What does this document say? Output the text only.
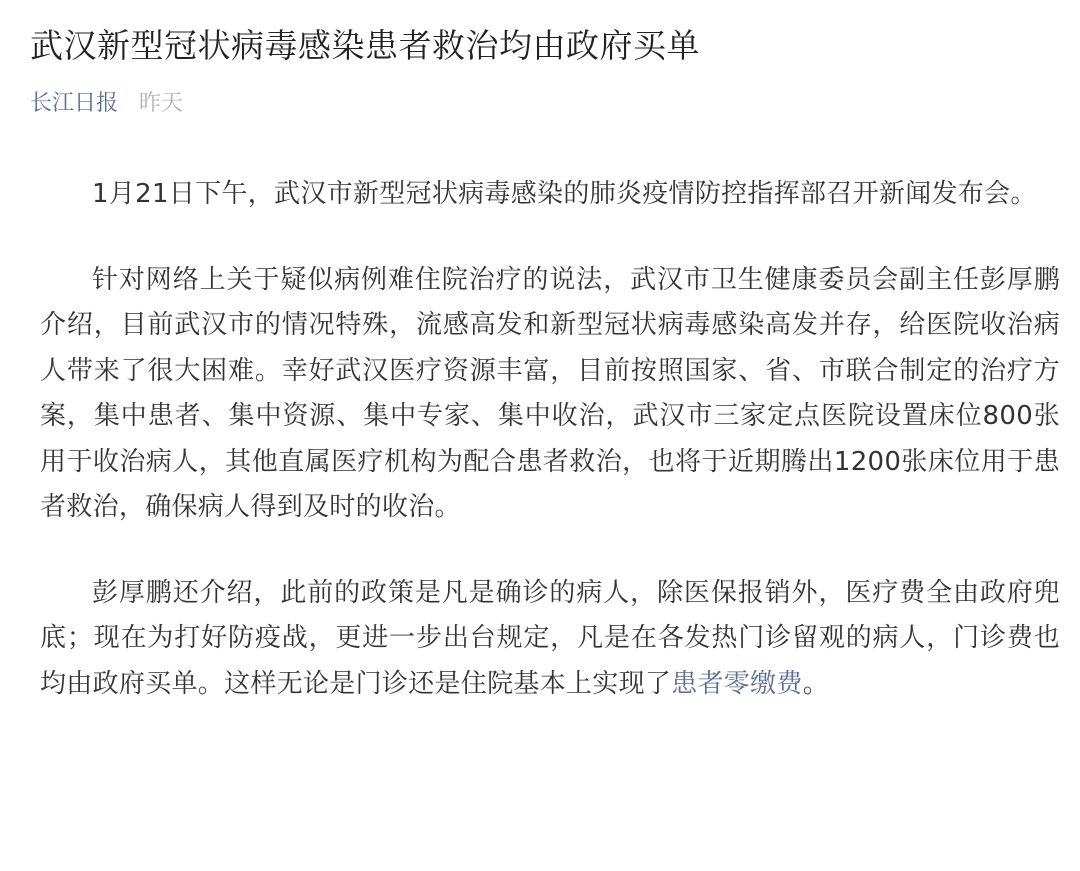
武汉新型冠状病毒感染患者救治均由政府买单
长江日报 昨天

1月21日下午，武汉市新型冠状病毒感染的肺炎疫情防控指挥部召开新闻发布会。

针对网络上关于疑似病例难住院治疗的说法，武汉市卫生健康委员会副主任彭厚鹏介绍，目前武汉市的情况特殊，流感高发和新型冠状病毒感染高发并存，给医院收治病人带来了很大困难。幸好武汉医疗资源丰富，目前按照国家、省、市联合制定的治疗方案，集中患者、集中资源、集中专家、集中收治，武汉市三家定点医院设置床位800张用于收治病人，其他直属医疗机构为配合患者救治，也将于近期腾出1200张床位用于患者救治，确保病人得到及时的收治。

彭厚鹏还介绍，此前的政策是凡是确诊的病人，除医保报销外，医疗费全由政府兜底；现在为打好防疫战，更进一步出台规定，凡是在各发热门诊留观的病人，门诊费也均由政府买单。这样无论是门诊还是住院基本上实现了患者零缴费。
